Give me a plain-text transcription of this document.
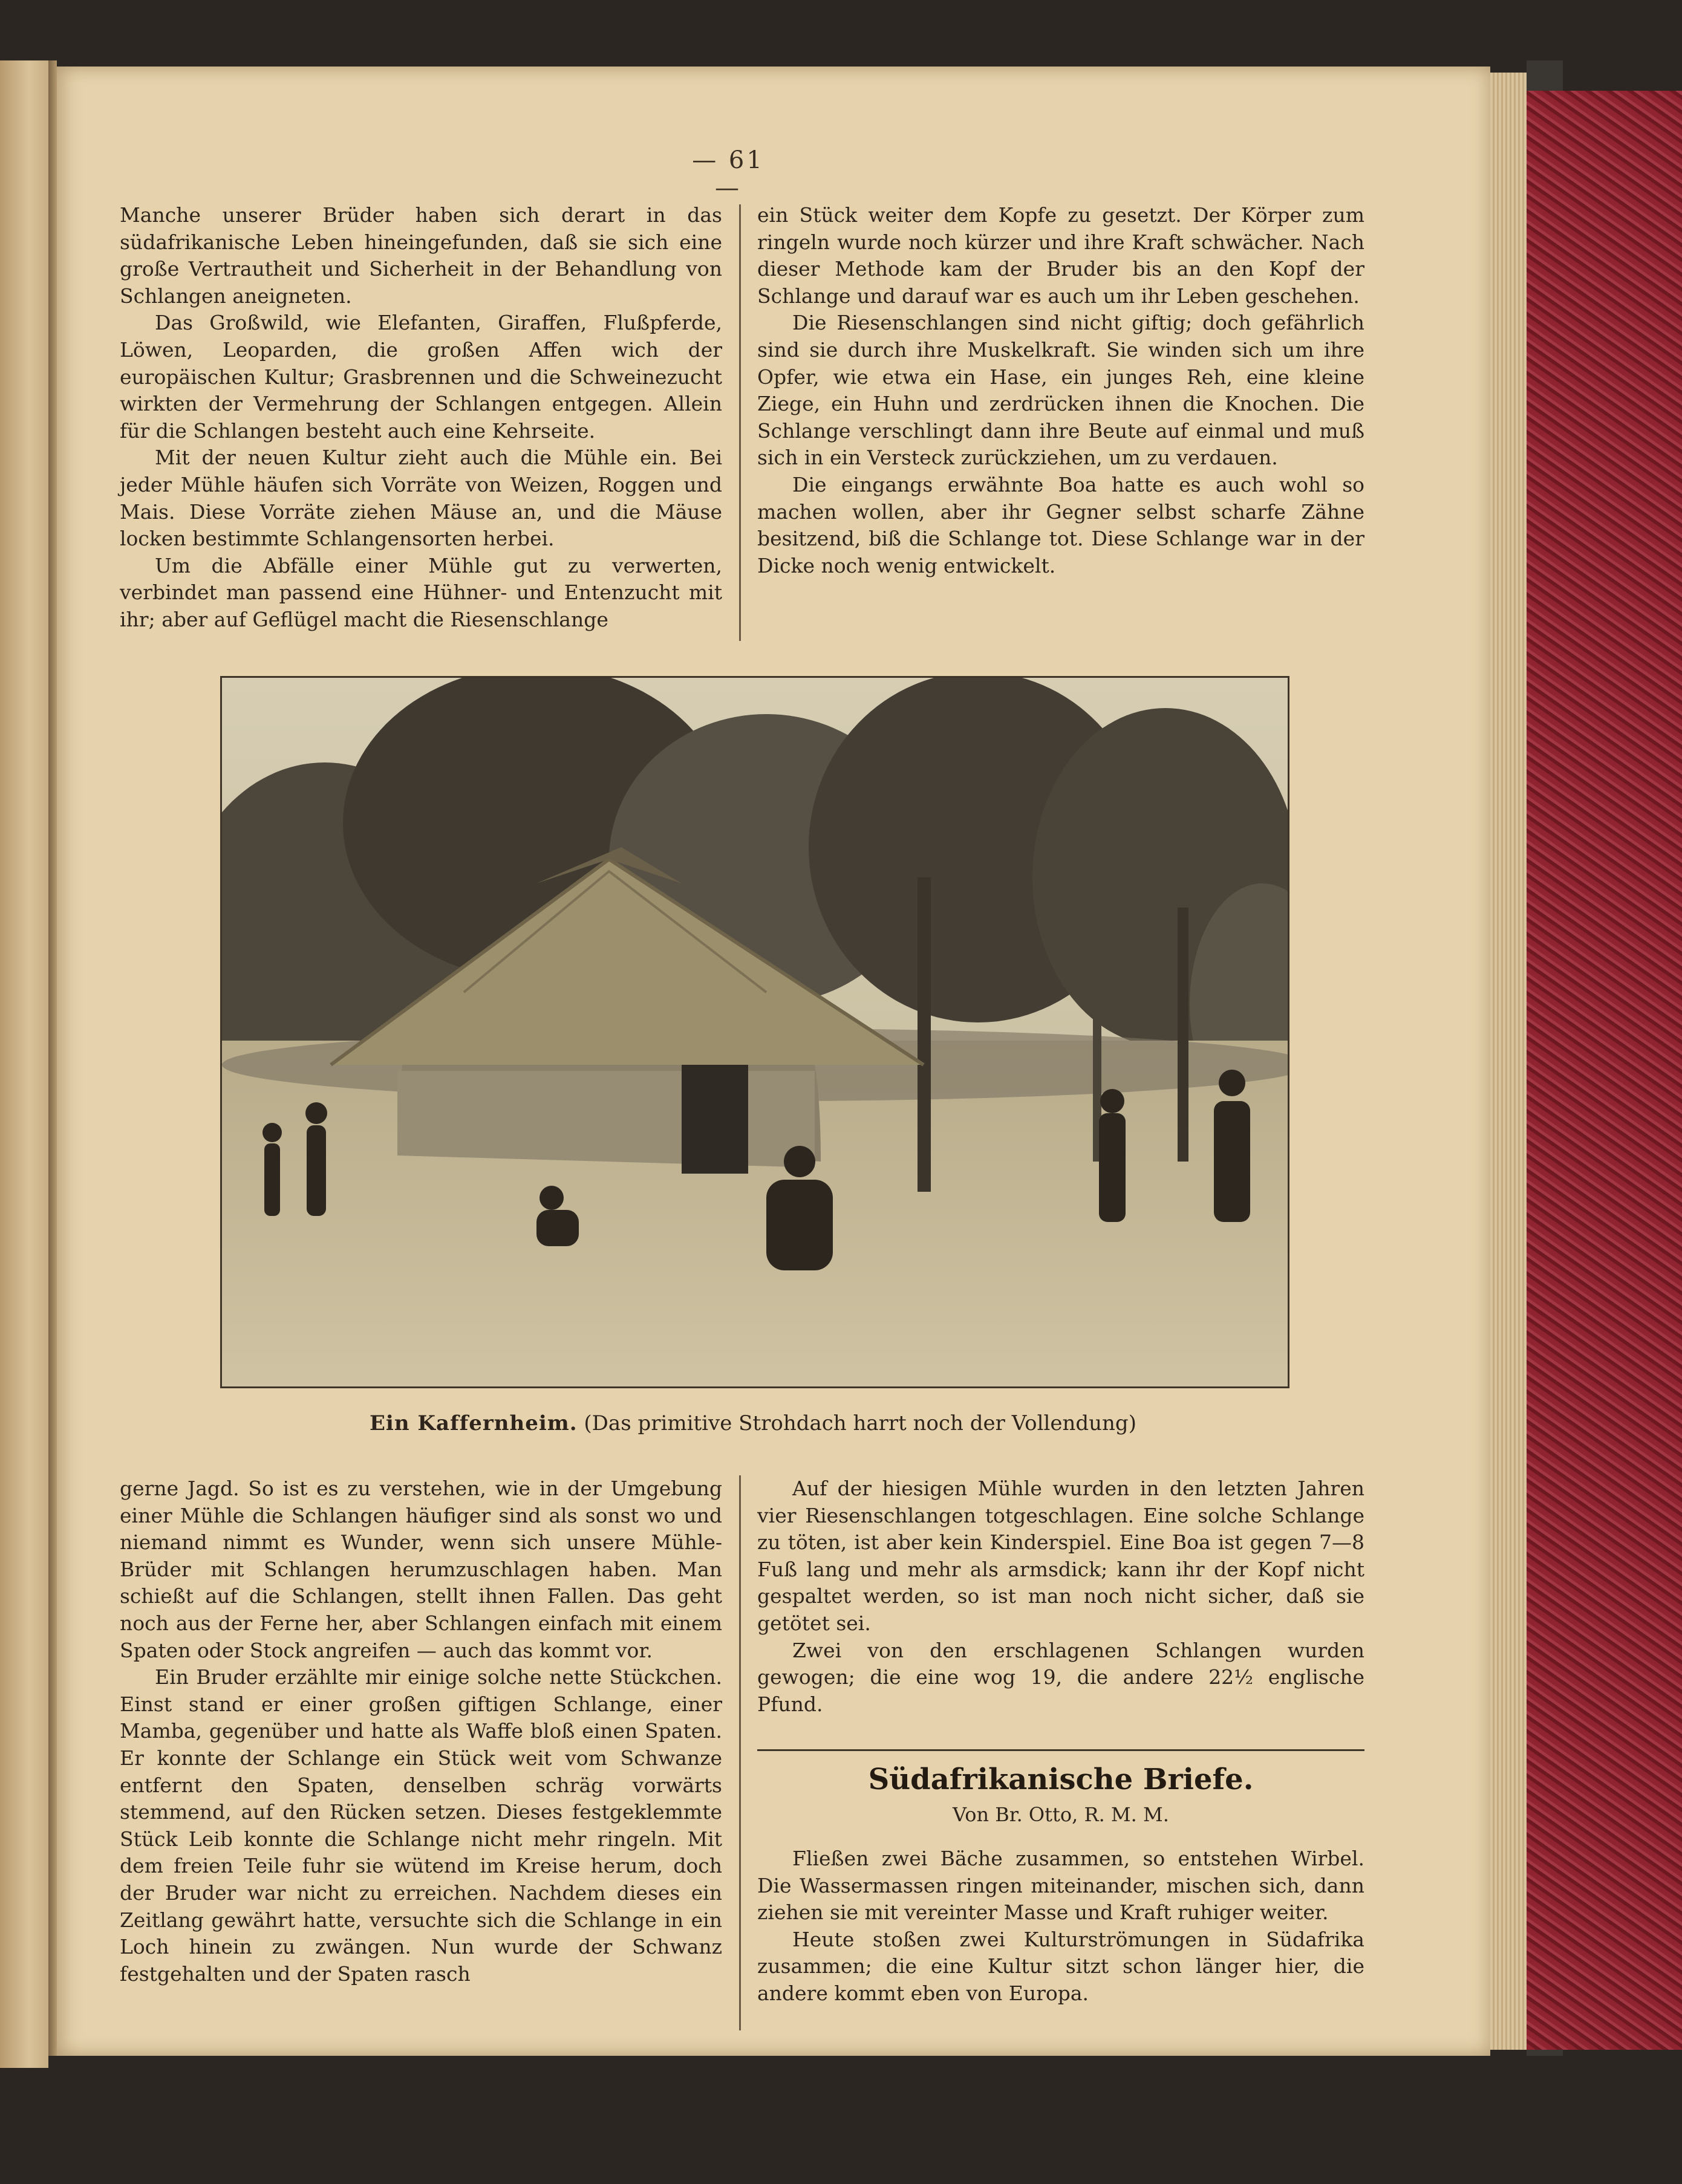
— 61 —

Manche unserer Brüder haben sich derart in das südafrikanische Leben hineingefunden, daß sie sich eine große Vertrautheit und Sicherheit in der Behandlung von Schlangen aneigneten.

Das Großwild, wie Elefanten, Giraffen, Flußpferde, Löwen, Leoparden, die großen Affen wich der europäischen Kultur; Grasbrennen und die Schweinezucht wirkten der Vermehrung der Schlangen entgegen. Allein für die Schlangen besteht auch eine Kehrseite.

Mit der neuen Kultur zieht auch die Mühle ein. Bei jeder Mühle häufen sich Vorräte von Weizen, Roggen und Mais. Diese Vorräte ziehen Mäuse an, und die Mäuse locken bestimmte Schlangensorten herbei.

Um die Abfälle einer Mühle gut zu verwerten, verbindet man passend eine Hühner- und Entenzucht mit ihr; aber auf Geflügel macht die Riesenschlange

ein Stück weiter dem Kopfe zu gesetzt. Der Körper zum ringeln wurde noch kürzer und ihre Kraft schwächer. Nach dieser Methode kam der Bruder bis an den Kopf der Schlange und darauf war es auch um ihr Leben geschehen.

Die Riesenschlangen sind nicht giftig; doch gefährlich sind sie durch ihre Muskelkraft. Sie winden sich um ihre Opfer, wie etwa ein Hase, ein junges Reh, eine kleine Ziege, ein Huhn und zerdrücken ihnen die Knochen. Die Schlange verschlingt dann ihre Beute auf einmal und muß sich in ein Versteck zurückziehen, um zu verdauen.

Die eingangs erwähnte Boa hatte es auch wohl so machen wollen, aber ihr Gegner selbst scharfe Zähne besitzend, biß die Schlange tot. Diese Schlange war in der Dicke noch wenig entwickelt.

Ein Kaffernheim. (Das primitive Strohdach harrt noch der Vollendung)

gerne Jagd. So ist es zu verstehen, wie in der Umgebung einer Mühle die Schlangen häufiger sind als sonst wo und niemand nimmt es Wunder, wenn sich unsere Mühle-Brüder mit Schlangen herumzuschlagen haben. Man schießt auf die Schlangen, stellt ihnen Fallen. Das geht noch aus der Ferne her, aber Schlangen einfach mit einem Spaten oder Stock angreifen — auch das kommt vor.

Ein Bruder erzählte mir einige solche nette Stückchen. Einst stand er einer großen giftigen Schlange, einer Mamba, gegenüber und hatte als Waffe bloß einen Spaten. Er konnte der Schlange ein Stück weit vom Schwanze entfernt den Spaten, denselben schräg vorwärts stemmend, auf den Rücken setzen. Dieses festgeklemmte Stück Leib konnte die Schlange nicht mehr ringeln. Mit dem freien Teile fuhr sie wütend im Kreise herum, doch der Bruder war nicht zu erreichen. Nachdem dieses ein Zeitlang gewährt hatte, versuchte sich die Schlange in ein Loch hinein zu zwängen. Nun wurde der Schwanz festgehalten und der Spaten rasch

Auf der hiesigen Mühle wurden in den letzten Jahren vier Riesenschlangen totgeschlagen. Eine solche Schlange zu töten, ist aber kein Kinderspiel. Eine Boa ist gegen 7—8 Fuß lang und mehr als armsdick; kann ihr der Kopf nicht gespaltet werden, so ist man noch nicht sicher, daß sie getötet sei.

Zwei von den erschlagenen Schlangen wurden gewogen; die eine wog 19, die andere 22½ englische Pfund.

Südafrikanische Briefe.
Von Br. Otto, R. M. M.

Fließen zwei Bäche zusammen, so entstehen Wirbel. Die Wassermassen ringen miteinander, mischen sich, dann ziehen sie mit vereinter Masse und Kraft ruhiger weiter.

Heute stoßen zwei Kulturströmungen in Südafrika zusammen; die eine Kultur sitzt schon länger hier, die andere kommt eben von Europa.
